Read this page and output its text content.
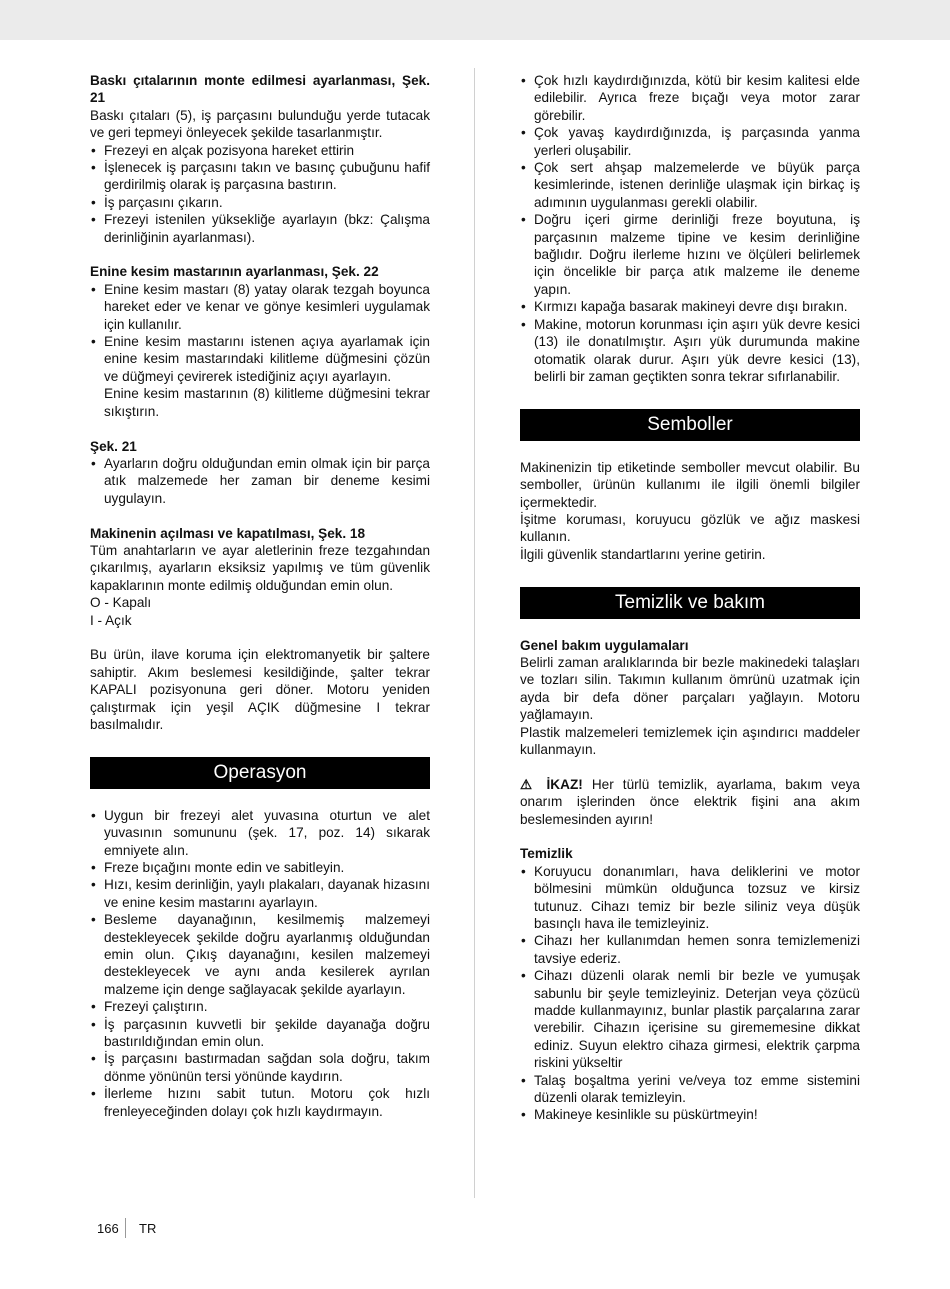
Baskı çıtalarının monte edilmesi ayarlanması, Şek. 21

Baskı çıtaları (5), iş parçasını bulunduğu yerde tutacak ve geri tepmeyi önleyecek şekilde tasarlanmıştır.

• Frezeyi en alçak pozisyona hareket ettirin
• İşlenecek iş parçasını takın ve basınç çubuğunu hafif gerdirilmiş olarak iş parçasına bastırın.
• İş parçasını çıkarın.
• Frezeyi istenilen yüksekliğe ayarlayın (bkz: Çalışma derinliğinin ayarlanması).

Enine kesim mastarının ayarlanması, Şek. 22

• Enine kesim mastarı (8) yatay olarak tezgah boyunca hareket eder ve kenar ve gönye kesimleri uygulamak için kullanılır.
• Enine kesim mastarını istenen açıya ayarlamak için enine kesim mastarındaki kilitleme düğmesini çözün ve düğmeyi çevirerek istediğiniz açıyı ayarlayın.
Enine kesim mastarının (8) kilitleme düğmesini tekrar sıkıştırın.

Şek. 21

• Ayarların doğru olduğundan emin olmak için bir parça atık malzemede her zaman bir deneme kesimi uygulayın.

Makinenin açılması ve kapatılması, Şek. 18

Tüm anahtarların ve ayar aletlerinin freze tezgahından çıkarılmış, ayarların eksiksiz yapılmış ve tüm güvenlik kapaklarının monte edilmiş olduğundan emin olun.

O - Kapalı

I - Açık

Bu ürün, ilave koruma için elektromanyetik bir şaltere sahiptir. Akım beslemesi kesildiğinde, şalter tekrar KAPALI pozisyonuna geri döner. Motoru yeniden çalıştırmak için yeşil AÇIK düğmesine I tekrar basılmalıdır.

Operasyon

• Uygun bir frezeyi alet yuvasına oturtun ve alet yuvasının somununu (şek. 17, poz. 14) sıkarak emniyete alın.
• Freze bıçağını monte edin ve sabitleyin.
• Hızı, kesim derinliğin, yaylı plakaları, dayanak hizasını ve enine kesim mastarını ayarlayın.
• Besleme dayanağının, kesilmemiş malzemeyi destekleyecek şekilde doğru ayarlanmış olduğundan emin olun. Çıkış dayanağını, kesilen malzemeyi destekleyecek ve aynı anda kesilerek ayrılan malzeme için denge sağlayacak şekilde ayarlayın.
• Frezeyi çalıştırın.
• İş parçasının kuvvetli bir şekilde dayanağa doğru bastırıldığından emin olun.
• İş parçasını bastırmadan sağdan sola doğru, takım dönme yönünün tersi yönünde kaydırın.
• İlerleme hızını sabit tutun. Motoru çok hızlı frenleyeceğinden dolayı çok hızlı kaydırmayın.
• Çok hızlı kaydırdığınızda, kötü bir kesim kalitesi elde edilebilir. Ayrıca freze bıçağı veya motor zarar görebilir.
• Çok yavaş kaydırdığınızda, iş parçasında yanma yerleri oluşabilir.
• Çok sert ahşap malzemelerde ve büyük parça kesimlerinde, istenen derinliğe ulaşmak için birkaç iş adımının uygulanması gerekli olabilir.
• Doğru içeri girme derinliği freze boyutuna, iş parçasının malzeme tipine ve kesim derinliğine bağlıdır. Doğru ilerleme hızını ve ölçüleri belirlemek için öncelikle bir parça atık malzeme ile deneme yapın.
• Kırmızı kapağa basarak makineyi devre dışı bırakın.
• Makine, motorun korunması için aşırı yük devre kesici (13) ile donatılmıştır. Aşırı yük durumunda makine otomatik olarak durur. Aşırı yük devre kesici (13), belirli bir zaman geçtikten sonra tekrar sıfırlanabilir.

Semboller

Makinenizin tip etiketinde semboller mevcut olabilir. Bu semboller, ürünün kullanımı ile ilgili önemli bilgiler içermektedir.

İşitme koruması, koruyucu gözlük ve ağız maskesi kullanın.

İlgili güvenlik standartlarını yerine getirin.

Temizlik ve bakım

Genel bakım uygulamaları

Belirli zaman aralıklarında bir bezle makinedeki talaşları ve tozları silin. Takımın kullanım ömrünü uzatmak için ayda bir defa döner parçaları yağlayın. Motoru yağlamayın.

Plastik malzemeleri temizlemek için aşındırıcı maddeler kullanmayın.

⚠ İKAZ! Her türlü temizlik, ayarlama, bakım veya onarım işlerinden önce elektrik fişini ana akım beslemesinden ayırın!

Temizlik

• Koruyucu donanımları, hava deliklerini ve motor bölmesini mümkün olduğunca tozsuz ve kirsiz tutunuz. Cihazı temiz bir bezle siliniz veya düşük basınçlı hava ile temizleyiniz.
• Cihazı her kullanımdan hemen sonra temizlemenizi tavsiye ederiz.
• Cihazı düzenli olarak nemli bir bezle ve yumuşak sabunlu bir şeyle temizleyiniz. Deterjan veya çözücü madde kullanmayınız, bunlar plastik parçalarına zarar verebilir. Cihazın içerisine su girememesine dikkat ediniz. Suyun elektro cihaza girmesi, elektrik çarpma riskini yükseltir
• Talaş boşaltma yerini ve/veya toz emme sistemini düzenli olarak temizleyin.
• Makineye kesinlikle su püskürtmeyin!
166 TR
